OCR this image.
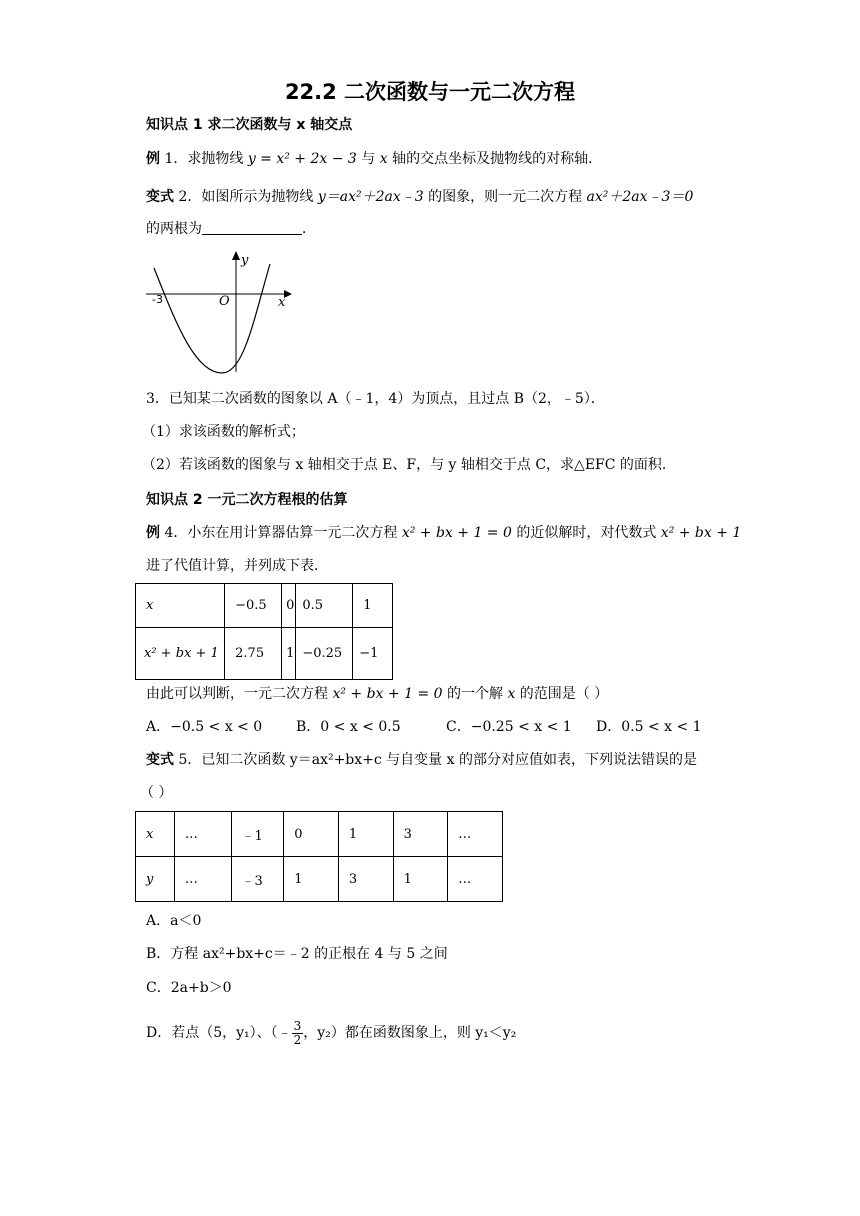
22.2 二次函数与一元二次方程
知识点 1 求二次函数与 x 轴交点
例 1．求抛物线 y = x² + 2x − 3 与 x 轴的交点坐标及抛物线的对称轴．
变式 2．如图所示为抛物线 y＝ax²＋2ax﹣3 的图象，则一元二次方程 ax²＋2ax﹣3＝0
的两根为	．
y
x
O
-3
3．已知某二次函数的图象以 A（﹣1，4）为顶点，且过点 B（2，﹣5）．
（1）求该函数的解析式；
（2）若该函数的图象与 x 轴相交于点 E、F，与 y 轴相交于点 C，求△EFC 的面积．
知识点 2 一元二次方程根的估算
例 4．小东在用计算器估算一元二次方程 x² + bx + 1 = 0 的近似解时，对代数式 x² + bx + 1
进了代值计算，并列成下表．
x	−0.5	0	0.5	1
x² + bx + 1	2.75	1	−0.25	−1
由此可以判断，一元二次方程 x² + bx + 1 = 0 的一个解 x 的范围是（ ）
A．−0.5 < x < 0 B．0 < x < 0.5	C．−0.25 < x < 1 D．0.5 < x < 1
变式 5．已知二次函数 y＝ax²+bx+c 与自变量 x 的部分对应值如表，下列说法错误的是
（ ）
x	…	﹣1	0	1	3	…
y	…	﹣3	1	3	1	…
A．a＜0
B．方程 ax²+bx+c＝﹣2 的正根在 4 与 5 之间
C．2a+b＞0
D．若点（5，y₁）、（﹣ $\frac{3}{2}$ ，y₂）都在函数图象上，则 y₁＜y₂
